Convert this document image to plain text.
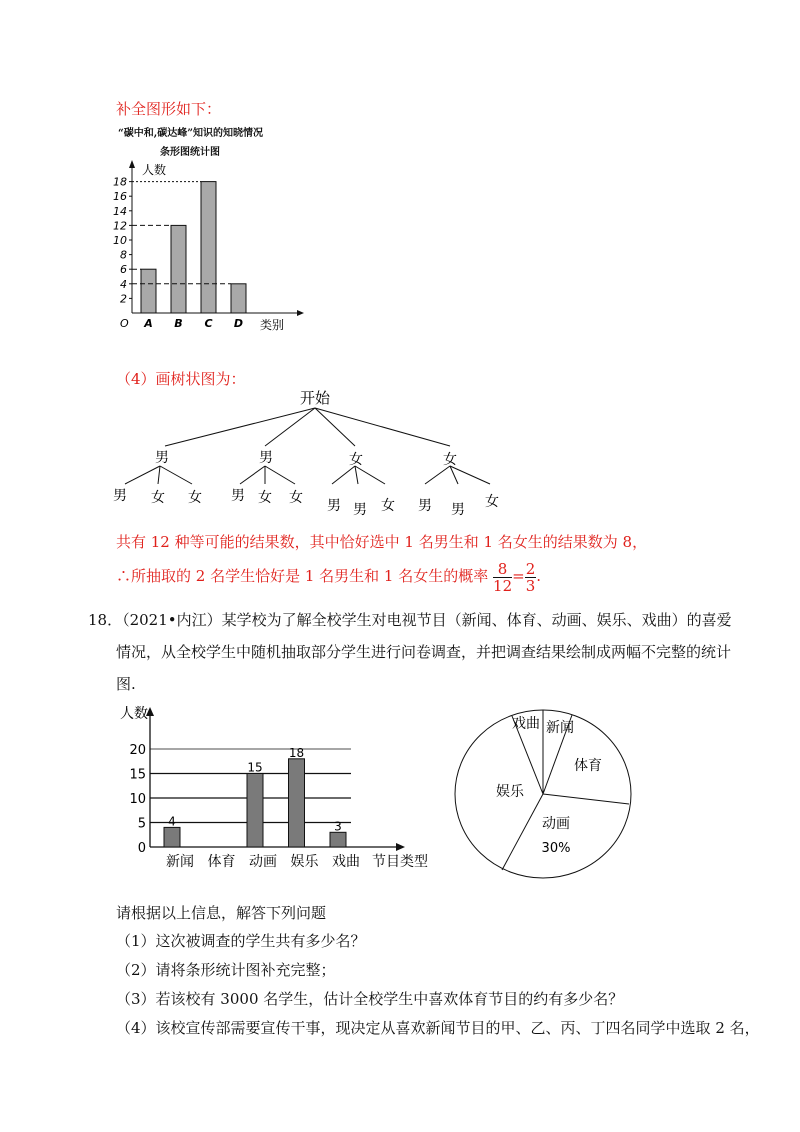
补全图形如下：
“碳中和,碳达峰”知识的知晓情况
条形图统计图
人数
2
4
6
8
10
12
14
16
18
O A B C D 类别
（4）画树状图为：
开始
男	男	女	女
男 女 女 男 女 女 男 男 女 男 男 女
共有 12 种等可能的结果数，其中恰好选中 1 名男生和 1 名女生的结果数为 8，
∴所抽取的 2 名学生恰好是 1 名男生和 1 名女生的概率 $\frac{8}{12} = \frac{2}{3}$ .
18．（2021•内江）某学校为了解全校学生对电视节目（新闻、体育、动画、娱乐、戏曲）的喜爱
情况，从全校学生中随机抽取部分学生进行问卷调查，并把调查结果绘制成两幅不完整的统计
图.
0
5
10
15
20
人数
4
新闻 体育
15
动画
18
娱乐
3
戏曲 节目类型
戏曲 新闻
体育
动画
30%
娱乐
请根据以上信息，解答下列问题
（1）这次被调查的学生共有多少名？
（2）请将条形统计图补充完整；
（3）若该校有 3000 名学生，估计全校学生中喜欢体育节目的约有多少名？
（4）该校宣传部需要宣传干事，现决定从喜欢新闻节目的甲、乙、丙、丁四名同学中选取 2 名，
